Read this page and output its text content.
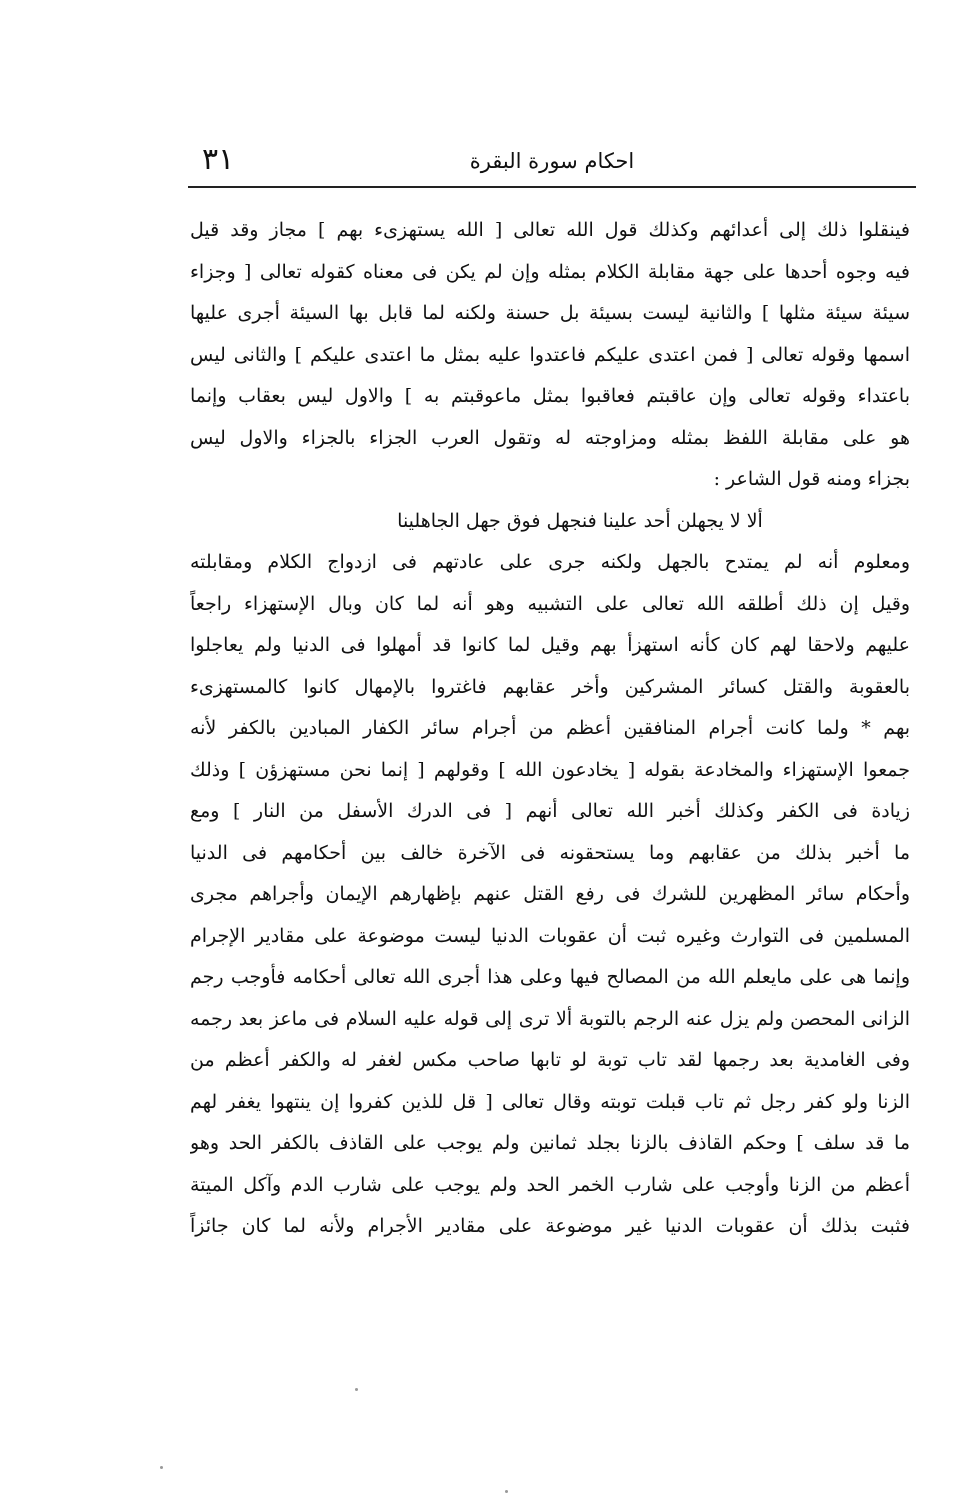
احكام سورة البقرة
٣١
فينقلوا ذلك إلى أعدائهم وكذلك قول الله تعالى [ الله يستهزىء بهم ] مجاز وقد قيل
فيه وجوه أحدها على جهة مقابلة الكلام بمثله وإن لم يكن فى معناه كقوله تعالى [ وجزاء
سيئة سيئة مثلها ] والثانية ليست بسيئة بل حسنة ولكنه لما قابل بها السيئة أجرى عليها
اسمها وقوله تعالى [ فمن اعتدى عليكم فاعتدوا عليه بمثل ما اعتدى عليكم ] والثانى ليس
باعتداء وقوله تعالى وإن عاقبتم فعاقبوا بمثل ماعوقبتم به ] والاول ليس بعقاب وإنما
هو على مقابلة اللفظ بمثله ومزاوجته له وتقول العرب الجزاء بالجزاء والاول ليس
بجزاء ومنه قول الشاعر :
ألا لا يجهلن أحد علينا فنجهل فوق جهل الجاهلينا
ومعلوم أنه لم يمتدح بالجهل ولكنه جرى على عادتهم فى ازدواج الكلام ومقابلته
وقيل إن ذلك أطلقه الله تعالى على التشبيه وهو أنه لما كان وبال الإستهزاء راجعاً
عليهم ولاحقا لهم كان كأنه استهزأ بهم وقيل لما كانوا قد أمهلوا فى الدنيا ولم يعاجلوا
بالعقوبة والقتل كسائر المشركين وأخر عقابهم فاغتروا بالإمهال كانوا كالمستهزىء
بهم * ولما كانت أجرام المنافقين أعظم من أجرام سائر الكفار المبادين بالكفر لأنه
جمعوا الإستهزاء والمخادعة بقوله [ يخادعون الله ] وقولهم [ إنما نحن مستهزؤن ] وذلك
زيادة فى الكفر وكذلك أخبر الله تعالى أنهم [ فى الدرك الأسفل من النار ] ومع
ما أخبر بذلك من عقابهم وما يستحقونه فى الآخرة خالف بين أحكامهم فى الدنيا
وأحكام سائر المظهرين للشرك فى رفع القتل عنهم بإظهارهم الإيمان وأجراهم مجرى
المسلمين فى التوارث وغيره ثبت أن عقوبات الدنيا ليست موضوعة على مقادير الإجرام
وإنما هى على مايعلم الله من المصالح فيها وعلى هذا أجرى الله تعالى أحكامه فأوجب رجم
الزانى المحصن ولم يزل عنه الرجم بالتوبة ألا ترى إلى قوله عليه السلام فى ماعز بعد رجمه
وفى الغامدية بعد رجمها لقد تاب توبة لو تابها صاحب مكس لغفر له والكفر أعظم من
الزنا ولو كفر رجل ثم تاب قبلت توبته وقال تعالى [ قل للذين كفروا إن ينتهوا يغفر لهم
ما قد سلف ] وحكم القاذف بالزنا بجلد ثمانين ولم يوجب على القاذف بالكفر الحد وهو
أعظم من الزنا وأوجب على شارب الخمر الحد ولم يوجب على شارب الدم وآكل الميتة
فثبت بذلك أن عقوبات الدنيا غير موضوعة على مقادير الأجرام ولأنه لما كان جائزاً
